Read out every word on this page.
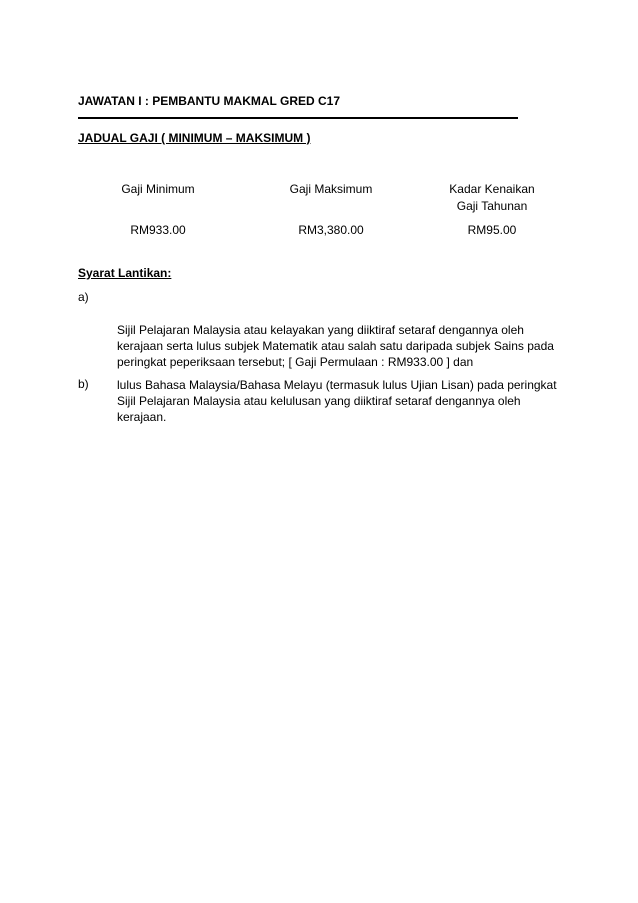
JAWATAN I : PEMBANTU MAKMAL GRED C17
JADUAL GAJI ( MINIMUM – MAKSIMUM )
Gaji Minimum	Gaji Maksimum	Kadar Kenaikan
Gaji Tahunan
RM933.00	RM3,380.00	RM95.00
Syarat Lantikan:
a)
Sijil Pelajaran Malaysia atau kelayakan yang diiktiraf setaraf dengannya oleh kerajaan serta lulus subjek Matematik atau salah satu daripada subjek Sains pada peringkat peperiksaan tersebut; [ Gaji Permulaan : RM933.00 ] dan
b) lulus Bahasa Malaysia/Bahasa Melayu (termasuk lulus Ujian Lisan) pada peringkat Sijil Pelajaran Malaysia atau kelulusan yang diiktiraf setaraf dengannya oleh kerajaan.
